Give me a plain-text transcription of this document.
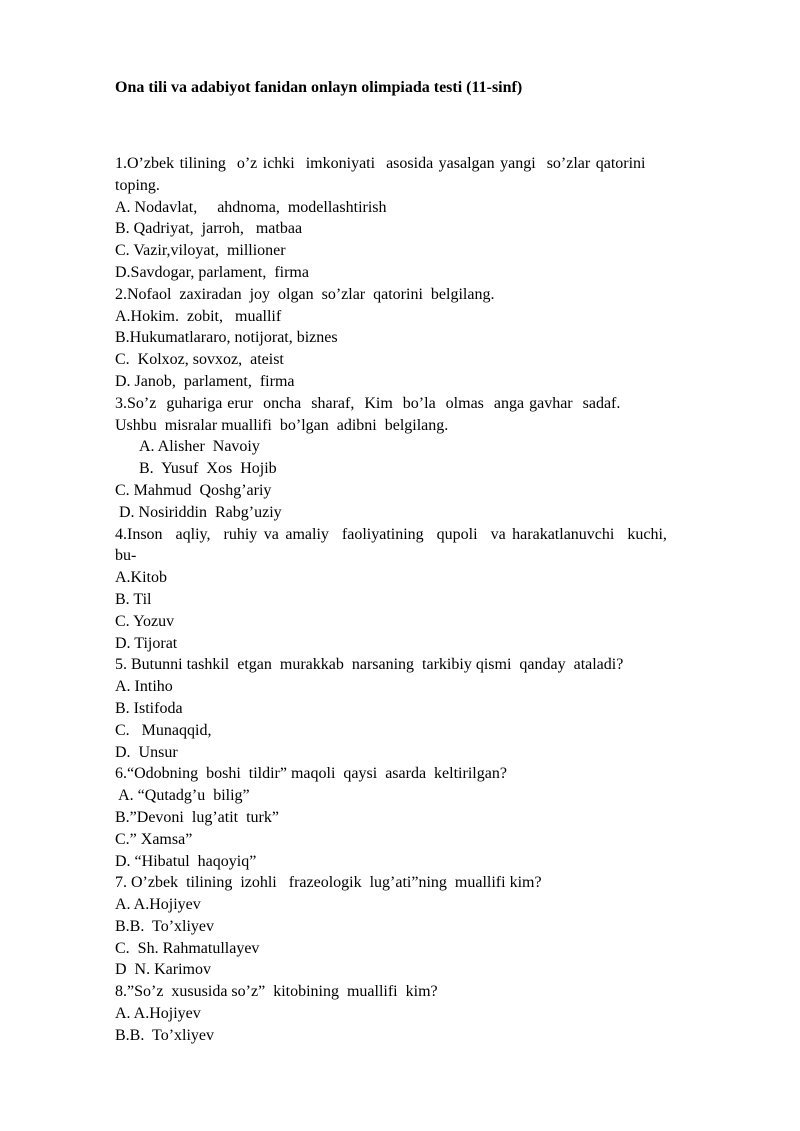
Ona tili va adabiyot fanidan onlayn olimpiada testi (11-sinf)
1.O’zbek tilining  o’z ichki  imkoniyati  asosida yasalgan yangi  so’zlar qatorini
toping.
A. Nodavlat,     ahdnoma,  modellashtirish
B. Qadriyat,  jarroh,   matbaa
C. Vazir,viloyat,  millioner
D.Savdogar, parlament,  firma
2.Nofaol  zaxiradan  joy  olgan  so’zlar  qatorini  belgilang.
A.Hokim.  zobit,   muallif
B.Hukumatlararo, notijorat, biznes
C.  Kolxoz, sovxoz,  ateist
D. Janob,  parlament,  firma
3.So’z  guhariga erur  oncha  sharaf,  Kim  bo’la  olmas  anga gavhar  sadaf.
Ushbu  misralar muallifi  bo’lgan  adibni  belgilang.
A. Alisher  Navoiy
B.  Yusuf  Xos  Hojib
C. Mahmud  Qoshg’ariy
D. Nosiriddin  Rabg’uziy
4.Inson  aqliy,  ruhiy va amaliy  faoliyatining  qupoli  va harakatlanuvchi  kuchi,
bu-
A.Kitob
B. Til
C. Yozuv
D. Tijorat
5. Butunni tashkil  etgan  murakkab  narsaning  tarkibiy qismi  qanday  ataladi?
A. Intiho
B. Istifoda
C.   Munaqqid,
D.  Unsur
6.“Odobning  boshi  tildir” maqoli  qaysi  asarda  keltirilgan?
A. “Qutadg’u  bilig”
B.”Devoni  lug’atit  turk”
C.” Xamsa”
D. “Hibatul  haqoyiq”
7. O’zbek  tilining  izohli   frazeologik  lug’ati”ning  muallifi kim?
A. A.Hojiyev
B.B.  To’xliyev
C.  Sh. Rahmatullayev
D  N. Karimov
8.”So’z  xususida so’z”  kitobining  muallifi  kim?
A. A.Hojiyev
B.B.  To’xliyev
